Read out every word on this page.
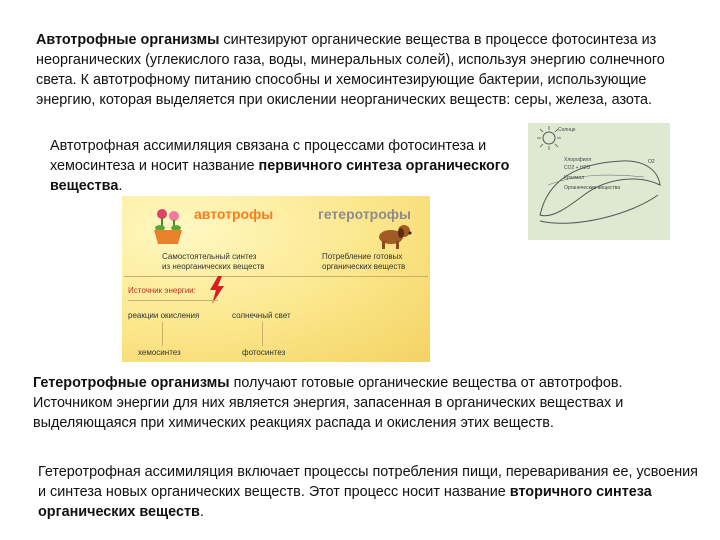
Автотрофные организмы синтезируют органические вещества в процессе фотосинтеза из неорганических (углекислого газа, воды, минеральных солей), используя энергию солнечного света. К автотрофному питанию способны и хемосинтезирующие бактерии, использующие энергию, которая выделяется при окислении неорганических веществ: серы, железа, азота.
Автотрофная ассимиляция связана с процессами фотосинтеза и хемосинтеза и носит название первичного синтеза органического вещества.
автотрофы	гетеротрофы
Самостоятельный синтез
из неорганических веществ
Потребление готовых
органических веществ
Источник энергии:
реакции окисления	солнечный свет
хемосинтез	фотосинтез
Солнце
O2
Хлорофилл
CO2 + H2O
Крахмал
Органические вещества
Гетеротрофные организмы получают готовые органические вещества от автотрофов. Источником энергии для них является энергия, запасенная в органических веществах и выделяющаяся при химических реакциях распада и окисления этих веществ.
Гетеротрофная ассимиляция включает процессы потребления пищи, переваривания ее, усвоения и синтеза новых органических веществ. Этот процесс носит название вторичного синтеза органических веществ.
